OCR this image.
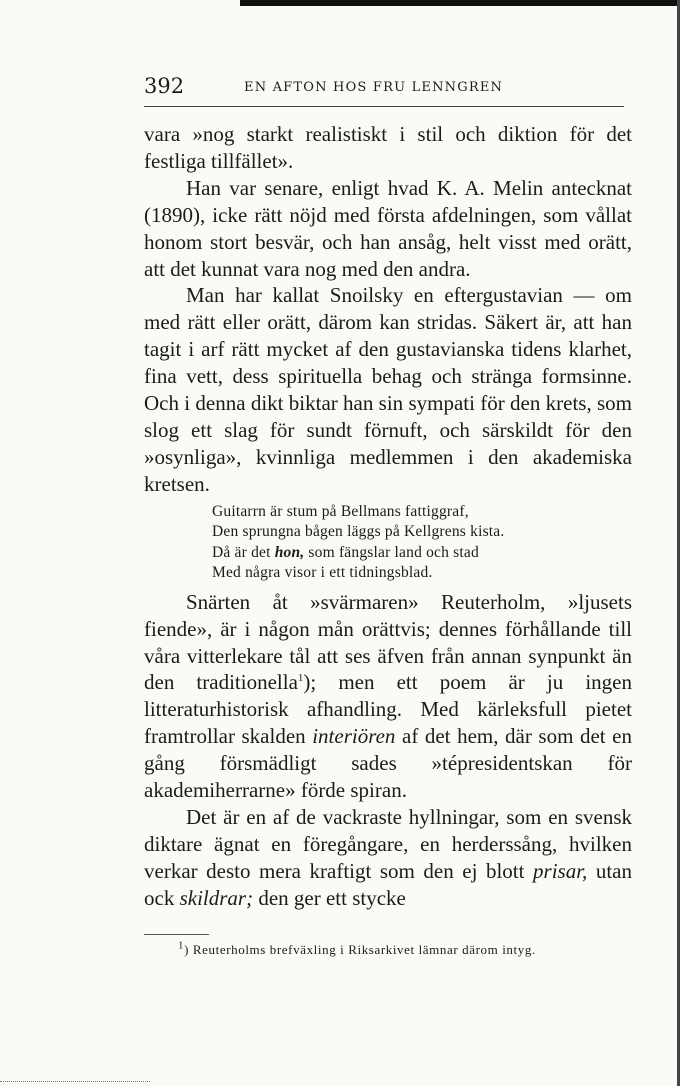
392	EN AFTON HOS FRU LENNGREN

vara »nog starkt realistiskt i stil och diktion för det festliga tillfället».

Han var senare, enligt hvad K. A. Melin antecknat (1890), icke rätt nöjd med första afdelningen, som vållat honom stort besvär, och han ansåg, helt visst med orätt, att det kunnat vara nog med den andra.

Man har kallat Snoilsky en eftergustavian — om med rätt eller orätt, därom kan stridas. Säkert är, att han tagit i arf rätt mycket af den gustavianska tidens klarhet, fina vett, dess spirituella behag och stränga formsinne. Och i denna dikt biktar han sin sympati för den krets, som slog ett slag för sundt förnuft, och särskildt för den »osynliga», kvinnliga medlemmen i den akademiska kretsen.

Guitarrn är stum på Bellmans fattiggraf,
Den sprungna bågen läggs på Kellgrens kista.
Då är det hon, som fängslar land och stad
Med några visor i ett tidningsblad.

Snärten åt »svärmaren» Reuterholm, »ljusets fiende», är i någon mån orättvis; dennes förhållande till våra vitterlekare tål att ses äfven från annan synpunkt än den traditionella$^1$); men ett poem är ju ingen litteraturhistorisk afhandling. Med kärleksfull pietet framtrollar skalden interiören af det hem, där som det en gång försmädligt sades »tépresidentskan för akademiherrarne» förde spiran.

Det är en af de vackraste hyllningar, som en svensk diktare ägnat en föregångare, en herderssång, hvilken verkar desto mera kraftigt som den ej blott prisar, utan ock skildrar; den ger ett stycke

$^1$) Reuterholms brefväxling i Riksarkivet lämnar därom intyg.
